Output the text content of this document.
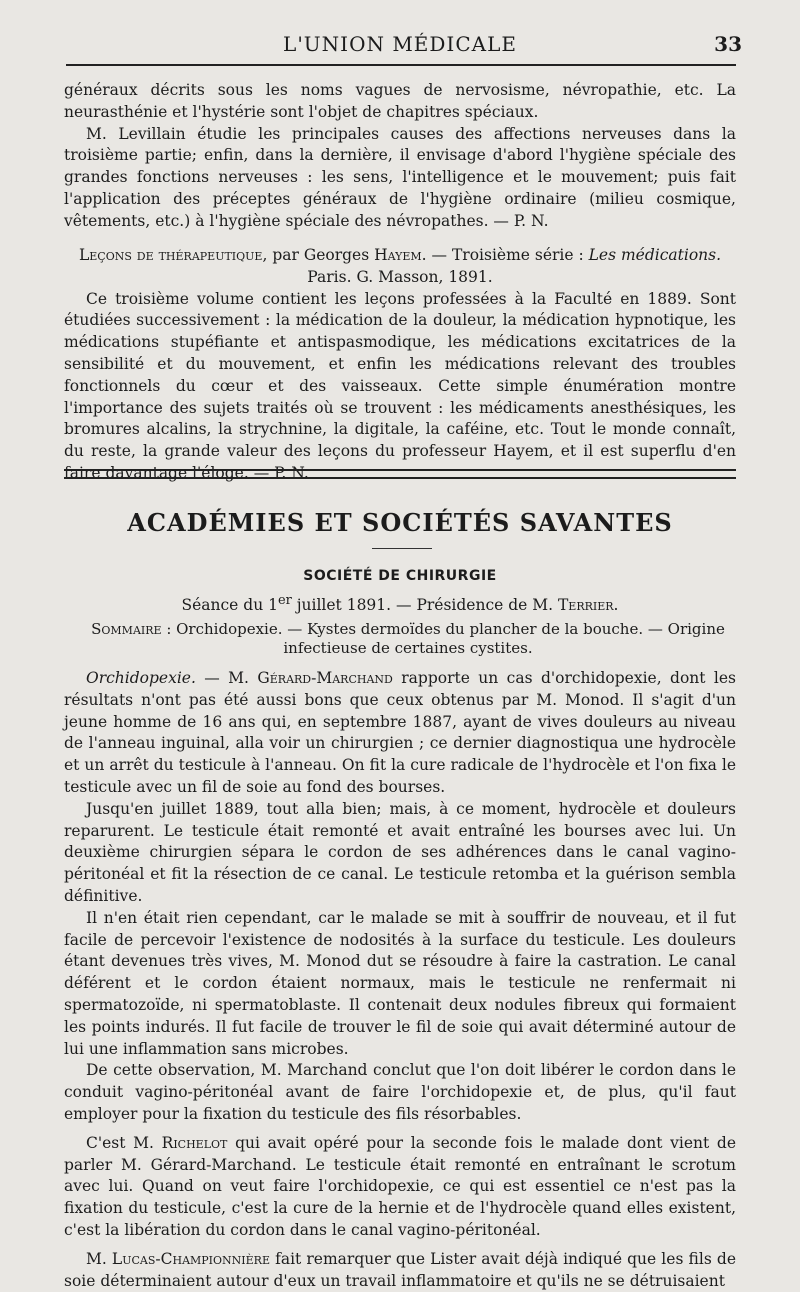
L'UNION MÉDICALE	33

généraux décrits sous les noms vagues de nervosisme, névropathie, etc. La neurasthénie et l'hystérie sont l'objet de chapitres spéciaux.

M. Levillain étudie les principales causes des affections nerveuses dans la troisième partie; enfin, dans la dernière, il envisage d'abord l'hygiène spéciale des grandes fonctions nerveuses : les sens, l'intelligence et le mouvement; puis fait l'application des préceptes généraux de l'hygiène ordinaire (milieu cosmique, vêtements, etc.) à l'hygiène spéciale des névropathes. — P. N.

Leçons de thérapeutique, par Georges Hayem. — Troisième série : Les médications.

Paris. G. Masson, 1891.

Ce troisième volume contient les leçons professées à la Faculté en 1889. Sont étudiées successivement : la médication de la douleur, la médication hypnotique, les médications stupéfiante et antispasmodique, les médications excitatrices de la sensibilité et du mouvement, et enfin les médications relevant des troubles fonctionnels du cœur et des vaisseaux. Cette simple énumération montre l'importance des sujets traités où se trouvent : les médicaments anesthésiques, les bromures alcalins, la strychnine, la digitale, la caféine, etc. Tout le monde connaît, du reste, la grande valeur des leçons du professeur Hayem, et il est superflu d'en faire davantage l'éloge. — P. N.

ACADÉMIES ET SOCIÉTÉS SAVANTES
SOCIÉTÉ DE CHIRURGIE
Séance du 1er juillet 1891. — Présidence de M. Terrier.
Sommaire : Orchidopexie. — Kystes dermoïdes du plancher de la bouche. — Origine infectieuse de certaines cystites.

Orchidopexie. — M. Gérard-Marchand rapporte un cas d'orchidopexie, dont les résultats n'ont pas été aussi bons que ceux obtenus par M. Monod. Il s'agit d'un jeune homme de 16 ans qui, en septembre 1887, ayant de vives douleurs au niveau de l'anneau inguinal, alla voir un chirurgien ; ce dernier diagnostiqua une hydrocèle et un arrêt du testicule à l'anneau. On fit la cure radicale de l'hydrocèle et l'on fixa le testicule avec un fil de soie au fond des bourses.

Jusqu'en juillet 1889, tout alla bien; mais, à ce moment, hydrocèle et douleurs reparurent. Le testicule était remonté et avait entraîné les bourses avec lui. Un deuxième chirurgien sépara le cordon de ses adhérences dans le canal vagino-péritonéal et fit la résection de ce canal. Le testicule retomba et la guérison sembla définitive.

Il n'en était rien cependant, car le malade se mit à souffrir de nouveau, et il fut facile de percevoir l'existence de nodosités à la surface du testicule. Les douleurs étant devenues très vives, M. Monod dut se résoudre à faire la castration. Le canal déférent et le cordon étaient normaux, mais le testicule ne renfermait ni spermatozoïde, ni spermatoblaste. Il contenait deux nodules fibreux qui formaient les points indurés. Il fut facile de trouver le fil de soie qui avait déterminé autour de lui une inflammation sans microbes.

De cette observation, M. Marchand conclut que l'on doit libérer le cordon dans le conduit vagino-péritonéal avant de faire l'orchidopexie et, de plus, qu'il faut employer pour la fixation du testicule des fils résorbables.

C'est M. Richelot qui avait opéré pour la seconde fois le malade dont vient de parler M. Gérard-Marchand. Le testicule était remonté en entraînant le scrotum avec lui. Quand on veut faire l'orchidopexie, ce qui est essentiel ce n'est pas la fixation du testicule, c'est la cure de la hernie et de l'hydrocèle quand elles existent, c'est la libération du cordon dans le canal vagino-péritonéal.

M. Lucas-Championnière fait remarquer que Lister avait déjà indiqué que les fils de soie déterminaient autour d'eux un travail inflammatoire et qu'ils ne se détruisaient
